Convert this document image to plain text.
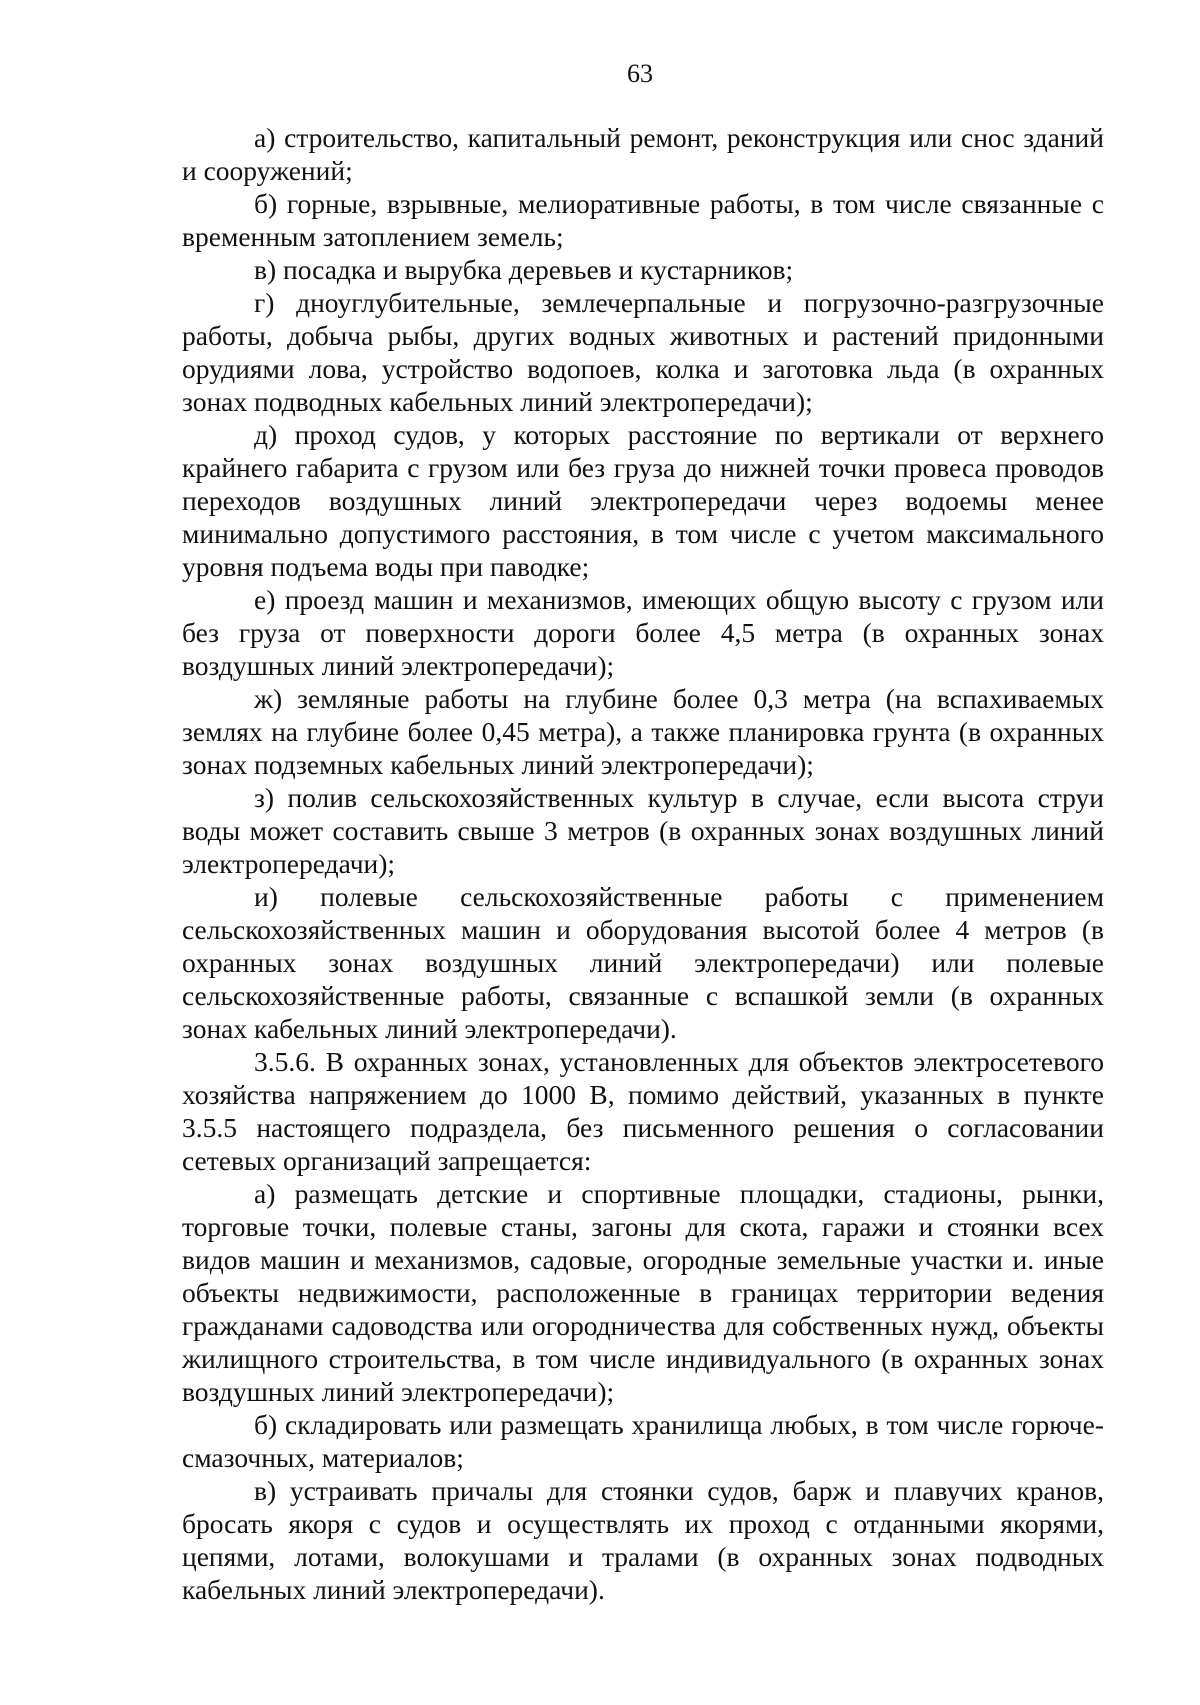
63

а) строительство, капитальный ремонт, реконструкция или снос зданий и сооружений;

б) горные, взрывные, мелиоративные работы, в том числе связанные с временным затоплением земель;

в) посадка и вырубка деревьев и кустарников;

г) дноуглубительные, землечерпальные и погрузочно-разгрузочные работы, добыча рыбы, других водных животных и растений придонными орудиями лова, устройство водопоев, колка и заготовка льда (в охранных зонах подводных кабельных линий электропередачи);

д) проход судов, у которых расстояние по вертикали от верхнего крайнего габарита с грузом или без груза до нижней точки провеса проводов переходов воздушных линий электропередачи через водоемы менее минимально допустимого расстояния, в том числе с учетом максимального уровня подъема воды при паводке;

е) проезд машин и механизмов, имеющих общую высоту с грузом или без груза от поверхности дороги более 4,5 метра (в охранных зонах воздушных линий электропередачи);

ж) земляные работы на глубине более 0,3 метра (на вспахиваемых землях на глубине более 0,45 метра), а также планировка грунта (в охранных зонах подземных кабельных линий электропередачи);

з) полив сельскохозяйственных культур в случае, если высота струи воды может составить свыше 3 метров (в охранных зонах воздушных линий электропередачи);

и) полевые сельскохозяйственные работы с применением сельскохозяйственных машин и оборудования высотой более 4 метров (в охранных зонах воздушных линий электропередачи) или полевые сельскохозяйственные работы, связанные с вспашкой земли (в охранных зонах кабельных линий электропередачи).

3.5.6. В охранных зонах, установленных для объектов электросетевого хозяйства напряжением до 1000 В, помимо действий, указанных в пункте 3.5.5 настоящего подраздела, без письменного решения о согласовании сетевых организаций запрещается:

а) размещать детские и спортивные площадки, стадионы, рынки, торговые точки, полевые станы, загоны для скота, гаражи и стоянки всех видов машин и механизмов, садовые, огородные земельные участки и. иные объекты недвижимости, расположенные в границах территории ведения гражданами садоводства или огородничества для собственных нужд, объекты жилищного строительства, в том числе индивидуального (в охранных зонах воздушных линий электропередачи);

б) складировать или размещать хранилища любых, в том числе горюче-смазочных, материалов;

в) устраивать причалы для стоянки судов, барж и плавучих кранов, бросать якоря с судов и осуществлять их проход с отданными якорями, цепями, лотами, волокушами и тралами (в охранных зонах подводных кабельных линий электропередачи).
